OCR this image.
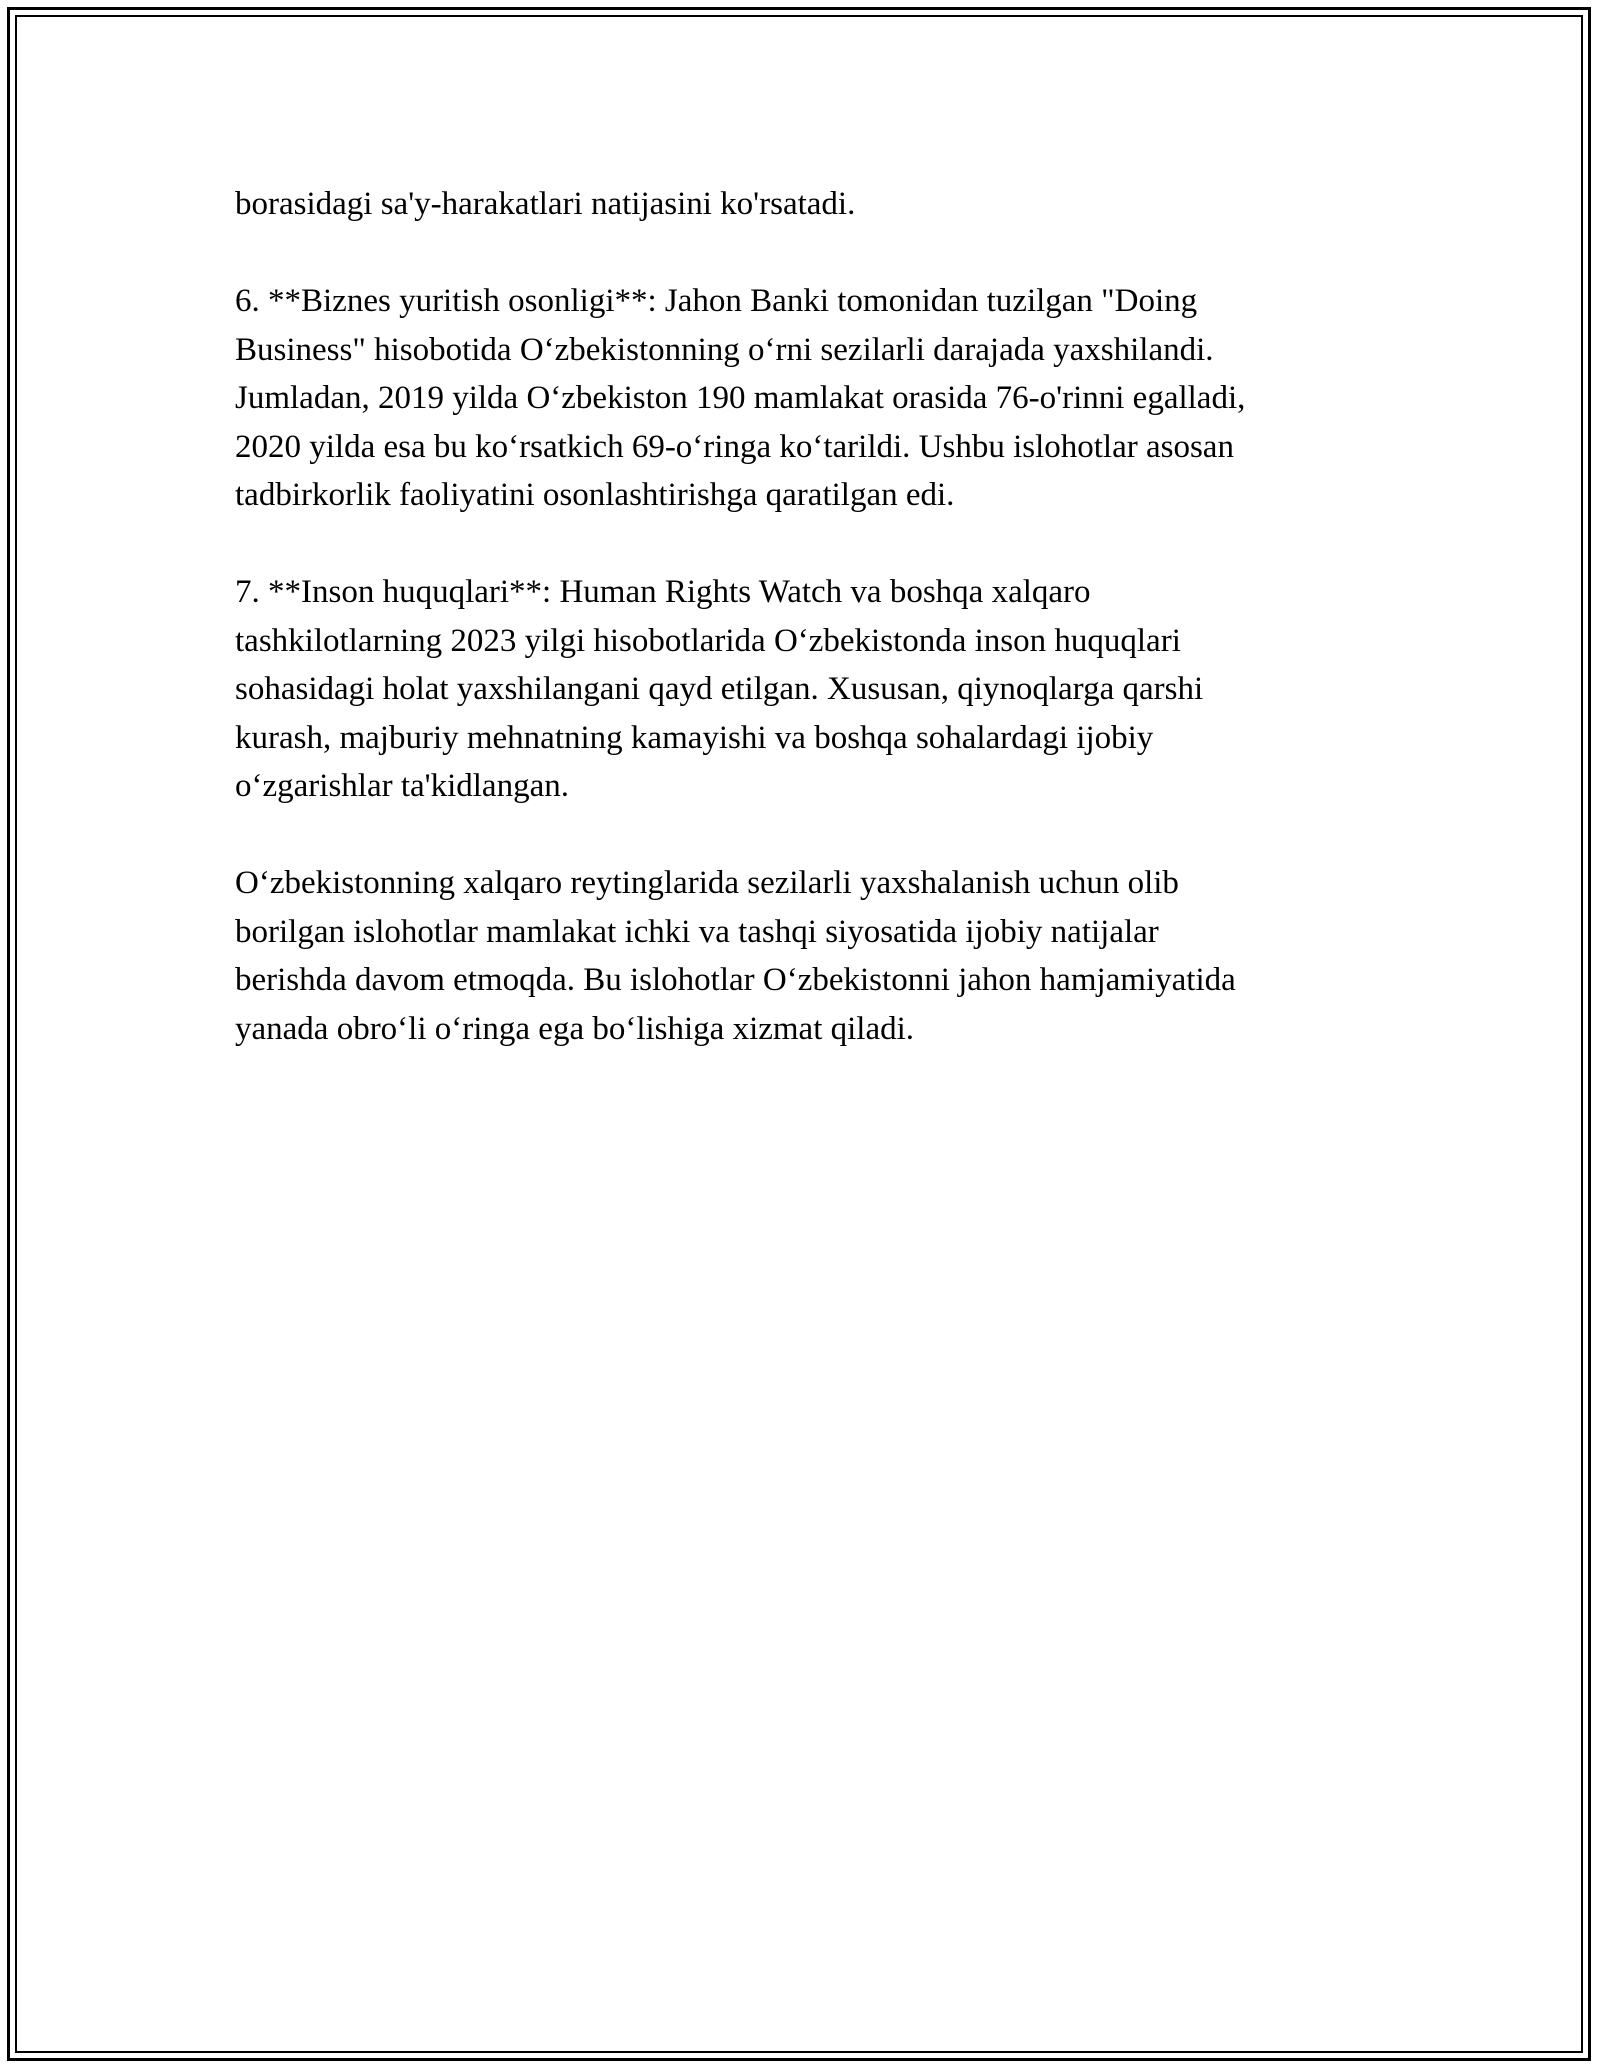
borasidagi sa'y-harakatlari natijasini ko'rsatadi.

6. **Biznes yuritish osonligi**: Jahon Banki tomonidan tuzilgan "Doing
Business" hisobotida O‘zbekistonning o‘rni sezilarli darajada yaxshilandi.
Jumladan, 2019 yilda O‘zbekiston 190 mamlakat orasida 76-o'rinni egalladi,
2020 yilda esa bu ko‘rsatkich 69-o‘ringa ko‘tarildi. Ushbu islohotlar asosan
tadbirkorlik faoliyatini osonlashtirishga qaratilgan edi.

7. **Inson huquqlari**: Human Rights Watch va boshqa xalqaro
tashkilotlarning 2023 yilgi hisobotlarida O‘zbekistonda inson huquqlari
sohasidagi holat yaxshilangani qayd etilgan. Xususan, qiynoqlarga qarshi
kurash, majburiy mehnatning kamayishi va boshqa sohalardagi ijobiy
o‘zgarishlar ta'kidlangan.

O‘zbekistonning xalqaro reytinglarida sezilarli yaxshalanish uchun olib
borilgan islohotlar mamlakat ichki va tashqi siyosatida ijobiy natijalar
berishda davom etmoqda. Bu islohotlar O‘zbekistonni jahon hamjamiyatida
yanada obro‘li o‘ringa ega bo‘lishiga xizmat qiladi.
